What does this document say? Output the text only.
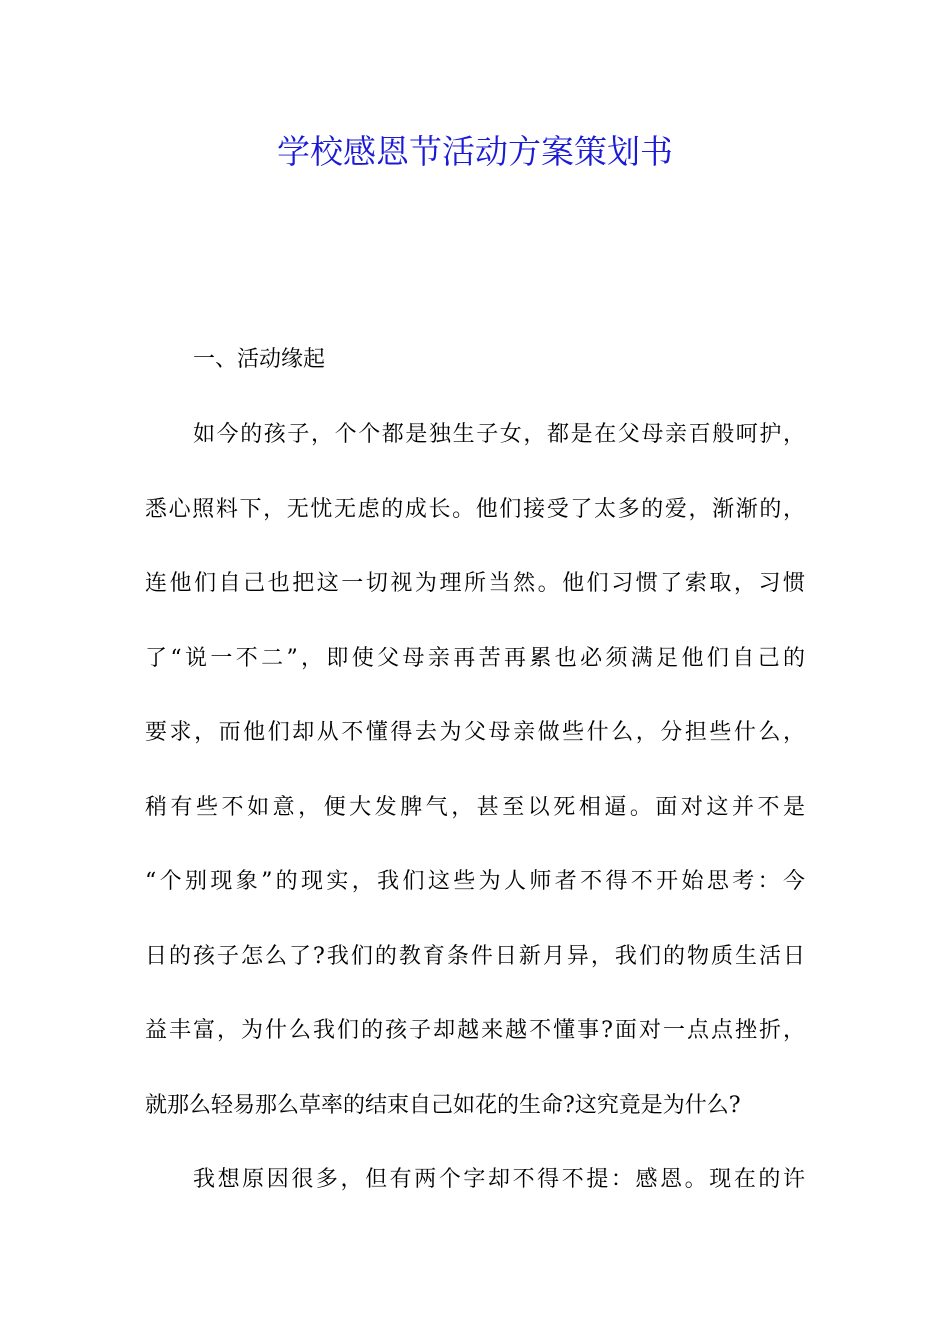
学校感恩节活动方案策划书
一、活动缘起
如今的孩子，个个都是独生子女，都是在父母亲百般呵护，
悉心照料下，无忧无虑的成长。他们接受了太多的爱，渐渐的，
连他们自己也把这一切视为理所当然。他们习惯了索取，习惯
了“说一不二”，即使父母亲再苦再累也必须满足他们自己的
要求，而他们却从不懂得去为父母亲做些什么，分担些什么，
稍有些不如意，便大发脾气，甚至以死相逼。面对这并不是
“个别现象”的现实，我们这些为人师者不得不开始思考：今
日的孩子怎么了?我们的教育条件日新月异，我们的物质生活日
益丰富，为什么我们的孩子却越来越不懂事?面对一点点挫折，
就那么轻易那么草率的结束自己如花的生命?这究竟是为什么?
我想原因很多，但有两个字却不得不提：感恩。现在的许
